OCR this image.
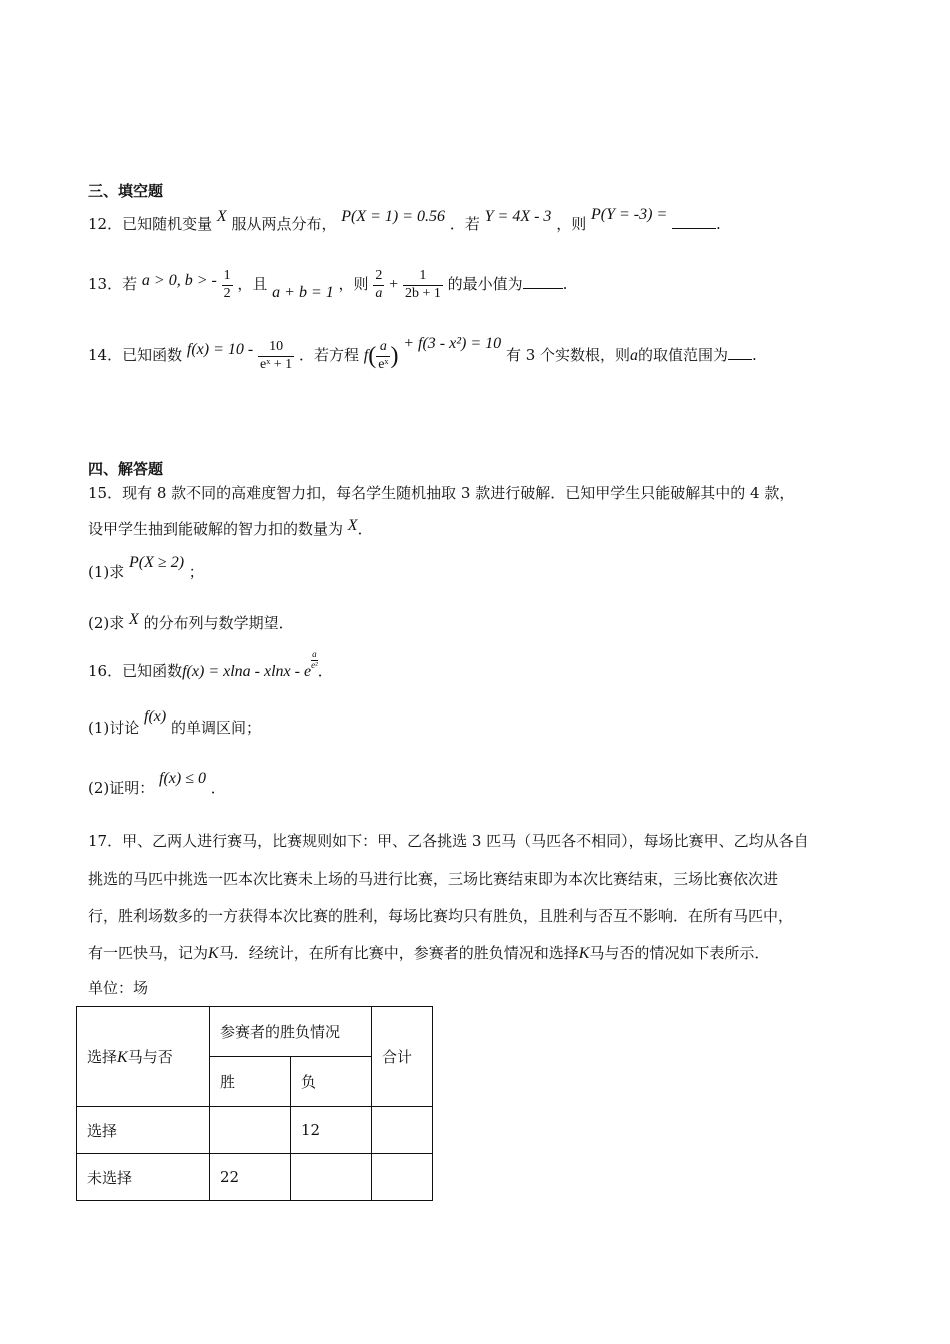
三、填空题
12．已知随机变量 X 服从两点分布， P(X = 1) = 0.56 ．若 Y = 4X - 3 ，则 P(Y = -3) = .
13．若 a > 0, b > - $\frac{1}{2}$ ，且 a + b = 1 ，则 $\frac{2}{a} + \frac{1}{2b + 1}$ 的最小值为	.
14．已知函数 $f(x) = 10 - \frac{10}{\text{eˣ + 1}}$ ．若方程 $f( \frac{a}{\text{eˣ}}$ ) + f(3 - x²) = 10 有 3 个实数根，则a的取值范围为 .
四、解答题
15．现有 8 款不同的高难度智力扣，每名学生随机抽取 3 款进行破解．已知甲学生只能破解其中的 4 款，
设甲学生抽到能破解的智力扣的数量为 X．
(1)求 P(X ≥ 2) ；
(2)求 X 的分布列与数学期望．
16．已知函数f(x) = xlna - xlnx - e
$\frac{a}{\text{e²}}$
．
(1)讨论 f(x) 的单调区间；
(2)证明： f(x) ≤ 0 ．
17．甲、乙两人进行赛马，比赛规则如下：甲、乙各挑选 3 匹马（马匹各不相同），每场比赛甲、乙均从各自
挑选的马匹中挑选一匹本次比赛未上场的马进行比赛，三场比赛结束即为本次比赛结束，三场比赛依次进
行，胜利场数多的一方获得本次比赛的胜利，每场比赛均只有胜负，且胜利与否互不影响．在所有马匹中，
有一匹快马，记为K马．经统计，在所有比赛中，参赛者的胜负情况和选择K马与否的情况如下表所示．
单位：场
选择K马与否	参赛者的胜负情况		合计
	胜	负	
选择		12	
未选择	22		
